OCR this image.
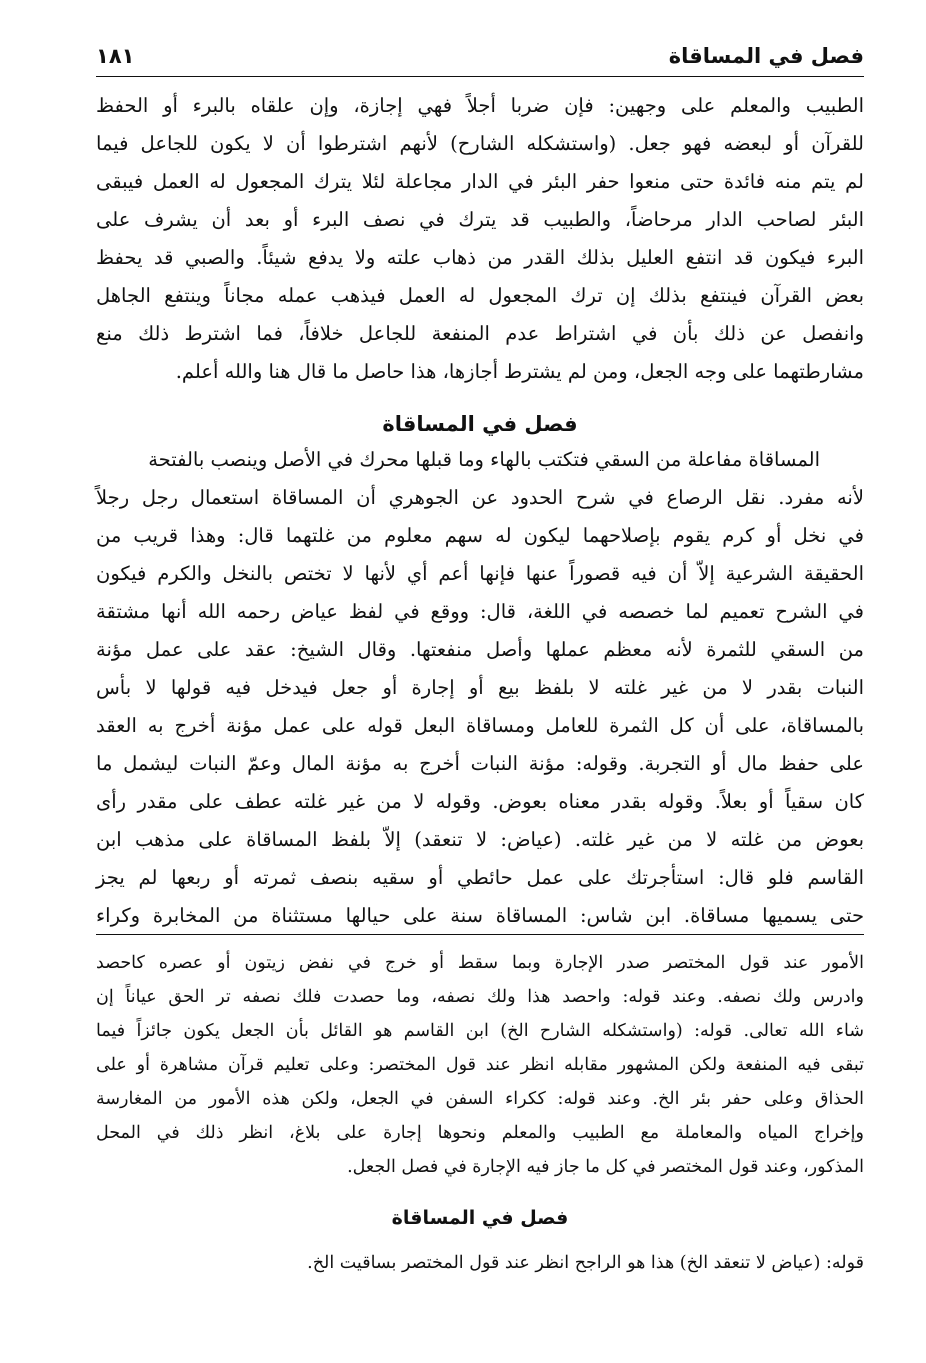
فصل في المساقاة
١٨١
الطبيب والمعلم على وجهين: فإن ضربا أجلاً فهي إجازة، وإن علقاه بالبرء أو الحفظ
للقرآن أو لبعضه فهو جعل. (واستشكله الشارح) لأنهم اشترطوا أن لا يكون للجاعل فيما
لم يتم منه فائدة حتى منعوا حفر البئر في الدار مجاعلة لئلا يترك المجعول له العمل فيبقى
البئر لصاحب الدار مرحاضاً، والطبيب قد يترك في نصف البرء أو بعد أن يشرف على
البرء فيكون قد انتفع العليل بذلك القدر من ذهاب علته ولا يدفع شيئاً. والصبي قد يحفظ
بعض القرآن فينتفع بذلك إن ترك المجعول له العمل فيذهب عمله مجاناً وينتفع الجاهل
وانفصل عن ذلك بأن في اشتراط عدم المنفعة للجاعل خلافاً، فما اشترط ذلك منع
مشارطتهما على وجه الجعل، ومن لم يشترط أجازها، هذا حاصل ما قال هنا والله أعلم.
فصل في المساقاة
المساقاة مفاعلة من السقي فتكتب بالهاء وما قبلها محرك في الأصل وينصب بالفتحة
لأنه مفرد. نقل الرصاع في شرح الحدود عن الجوهري أن المساقاة استعمال رجل رجلاً
في نخل أو كرم يقوم بإصلاحهما ليكون له سهم معلوم من غلتهما قال: وهذا قريب من
الحقيقة الشرعية إلاّ أن فيه قصوراً عنها فإنها أعم أي لأنها لا تختص بالنخل والكرم فيكون
في الشرح تعميم لما خصصه في اللغة، قال: ووقع في لفظ عياض رحمه الله أنها مشتقة
من السقي للثمرة لأنه معظم عملها وأصل منفعتها. وقال الشيخ: عقد على عمل مؤنة
النبات بقدر لا من غير غلته لا بلفظ بيع أو إجارة أو جعل فيدخل فيه قولها لا بأس
بالمساقاة، على أن كل الثمرة للعامل ومساقاة البعل قوله على عمل مؤنة أخرج به العقد
على حفظ مال أو التجربة. وقوله: مؤنة النبات أخرج به مؤنة المال وعمّ النبات ليشمل ما
كان سقياً أو بعلاً. وقوله بقدر معناه بعوض. وقوله لا من غير غلته عطف على مقدر رأى
بعوض من غلته لا من غير غلته. (عياض: لا تنعقد) إلاّ بلفظ المساقاة على مذهب ابن
القاسم فلو قال: استأجرتك على عمل حائطي أو سقيه بنصف ثمرته أو ربعها لم يجز
حتى يسميها مساقاة. ابن شاس: المساقاة سنة على حيالها مستثناة من المخابرة وكراء
الأمور عند قول المختصر صدر الإجارة وبما سقط أو خرج في نفض زيتون أو عصره كاحصد
وادرس ولك نصفه. وعند قوله: واحصد هذا ولك نصفه، وما حصدت فلك نصفه تر الحق عياناً إن
شاء الله تعالى. قوله: (واستشكله الشارح الخ) ابن القاسم هو القائل بأن الجعل يكون جائزاً فيما
تبقى فيه المنفعة ولكن المشهور مقابله انظر عند قول المختصر: وعلى تعليم قرآن مشاهرة أو على
الحذاق وعلى حفر بئر الخ. وعند قوله: ككراء السفن في الجعل، ولكن هذه الأمور من المغارسة
وإخراج المياه والمعاملة مع الطبيب والمعلم ونحوها إجارة على بلاغ، انظر ذلك في المحل
المذكور، وعند قول المختصر في كل ما جاز فيه الإجارة في فصل الجعل.
فصل في المساقاة
قوله: (عياض لا تنعقد الخ) هذا هو الراجح انظر عند قول المختصر بساقيت الخ.
